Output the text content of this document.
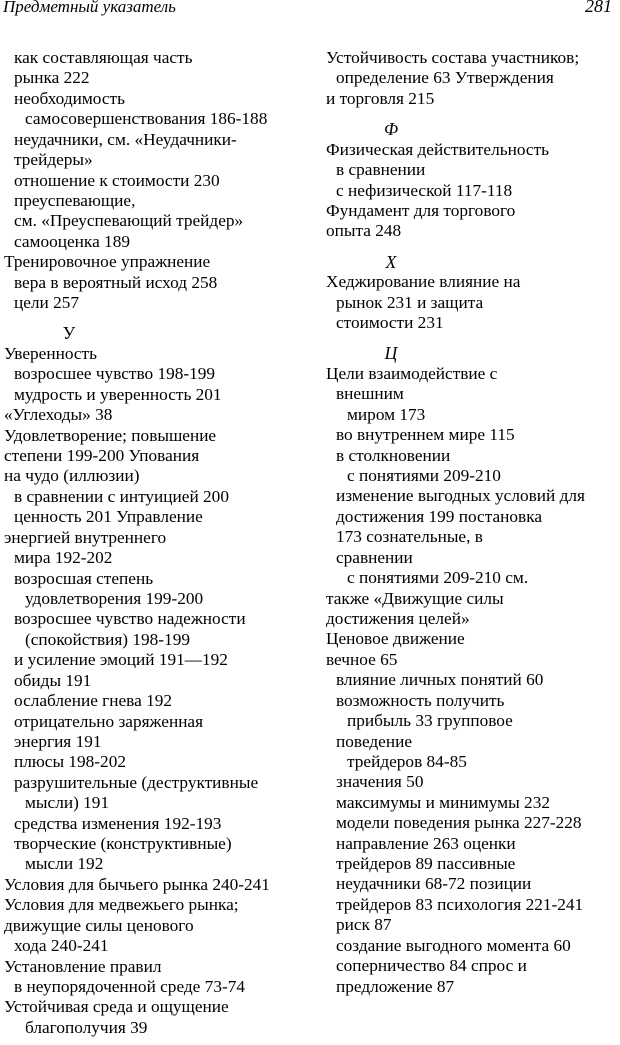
Предметный указатель	281
как составляющая часть
рынка 222
необходимость
самосовершенствования 186-188
неудачники, см. «Неудачники-
трейдеры»
отношение к стоимости 230
преуспевающие,
см. «Преуспевающий трейдер»
самооценка 189
Тренировочное упражнение
вера в вероятный исход 258
цели 257
У
Уверенность
возросшее чувство 198-199
мудрость и уверенность 201
«Углеходы» 38
Удовлетворение; повышение
степени 199-200 Упования
на чудо (иллюзии)
в сравнении с интуицией 200
ценность 201 Управление
энергией внутреннего
мира 192-202
возросшая степень
удовлетворения 199-200
возросшее чувство надежности
(спокойствия) 198-199
и усиление эмоций 191—192
обиды 191
ослабление гнева 192
отрицательно заряженная
энергия 191
плюсы 198-202
разрушительные (деструктивные
мысли) 191
средства изменения 192-193
творческие (конструктивные)
мысли 192
Условия для бычьего рынка 240-241
Условия для медвежьего рынка;
движущие силы ценового
хода 240-241
Установление правил
в неупорядоченной среде 73-74
Устойчивая среда и ощущение
благополучия 39
Устойчивость состава участников;
определение 63 Утверждения
и торговля 215
Ф
Физическая действительность
в сравнении
с нефизической 117-118
Фундамент для торгового
опыта 248
Х
Хеджирование влияние на
рынок 231 и защита
стоимости 231
Ц
Цели взаимодействие с
внешним
миром 173
во внутреннем мире 115
в столкновении
с понятиями 209-210
изменение выгодных условий для
достижения 199 постановка
173 сознательные, в
сравнении
с понятиями 209-210 см.
также «Движущие силы
достижения целей»
Ценовое движение
вечное 65
влияние личных понятий 60
возможность получить
прибыль 33 групповое
поведение
трейдеров 84-85
значения 50
максимумы и минимумы 232
модели поведения рынка 227-228
направление 263 оценки
трейдеров 89 пассивные
неудачники 68-72 позиции
трейдеров 83 психология 221-241
риск 87
создание выгодного момента 60
соперничество 84 спрос и
предложение 87
